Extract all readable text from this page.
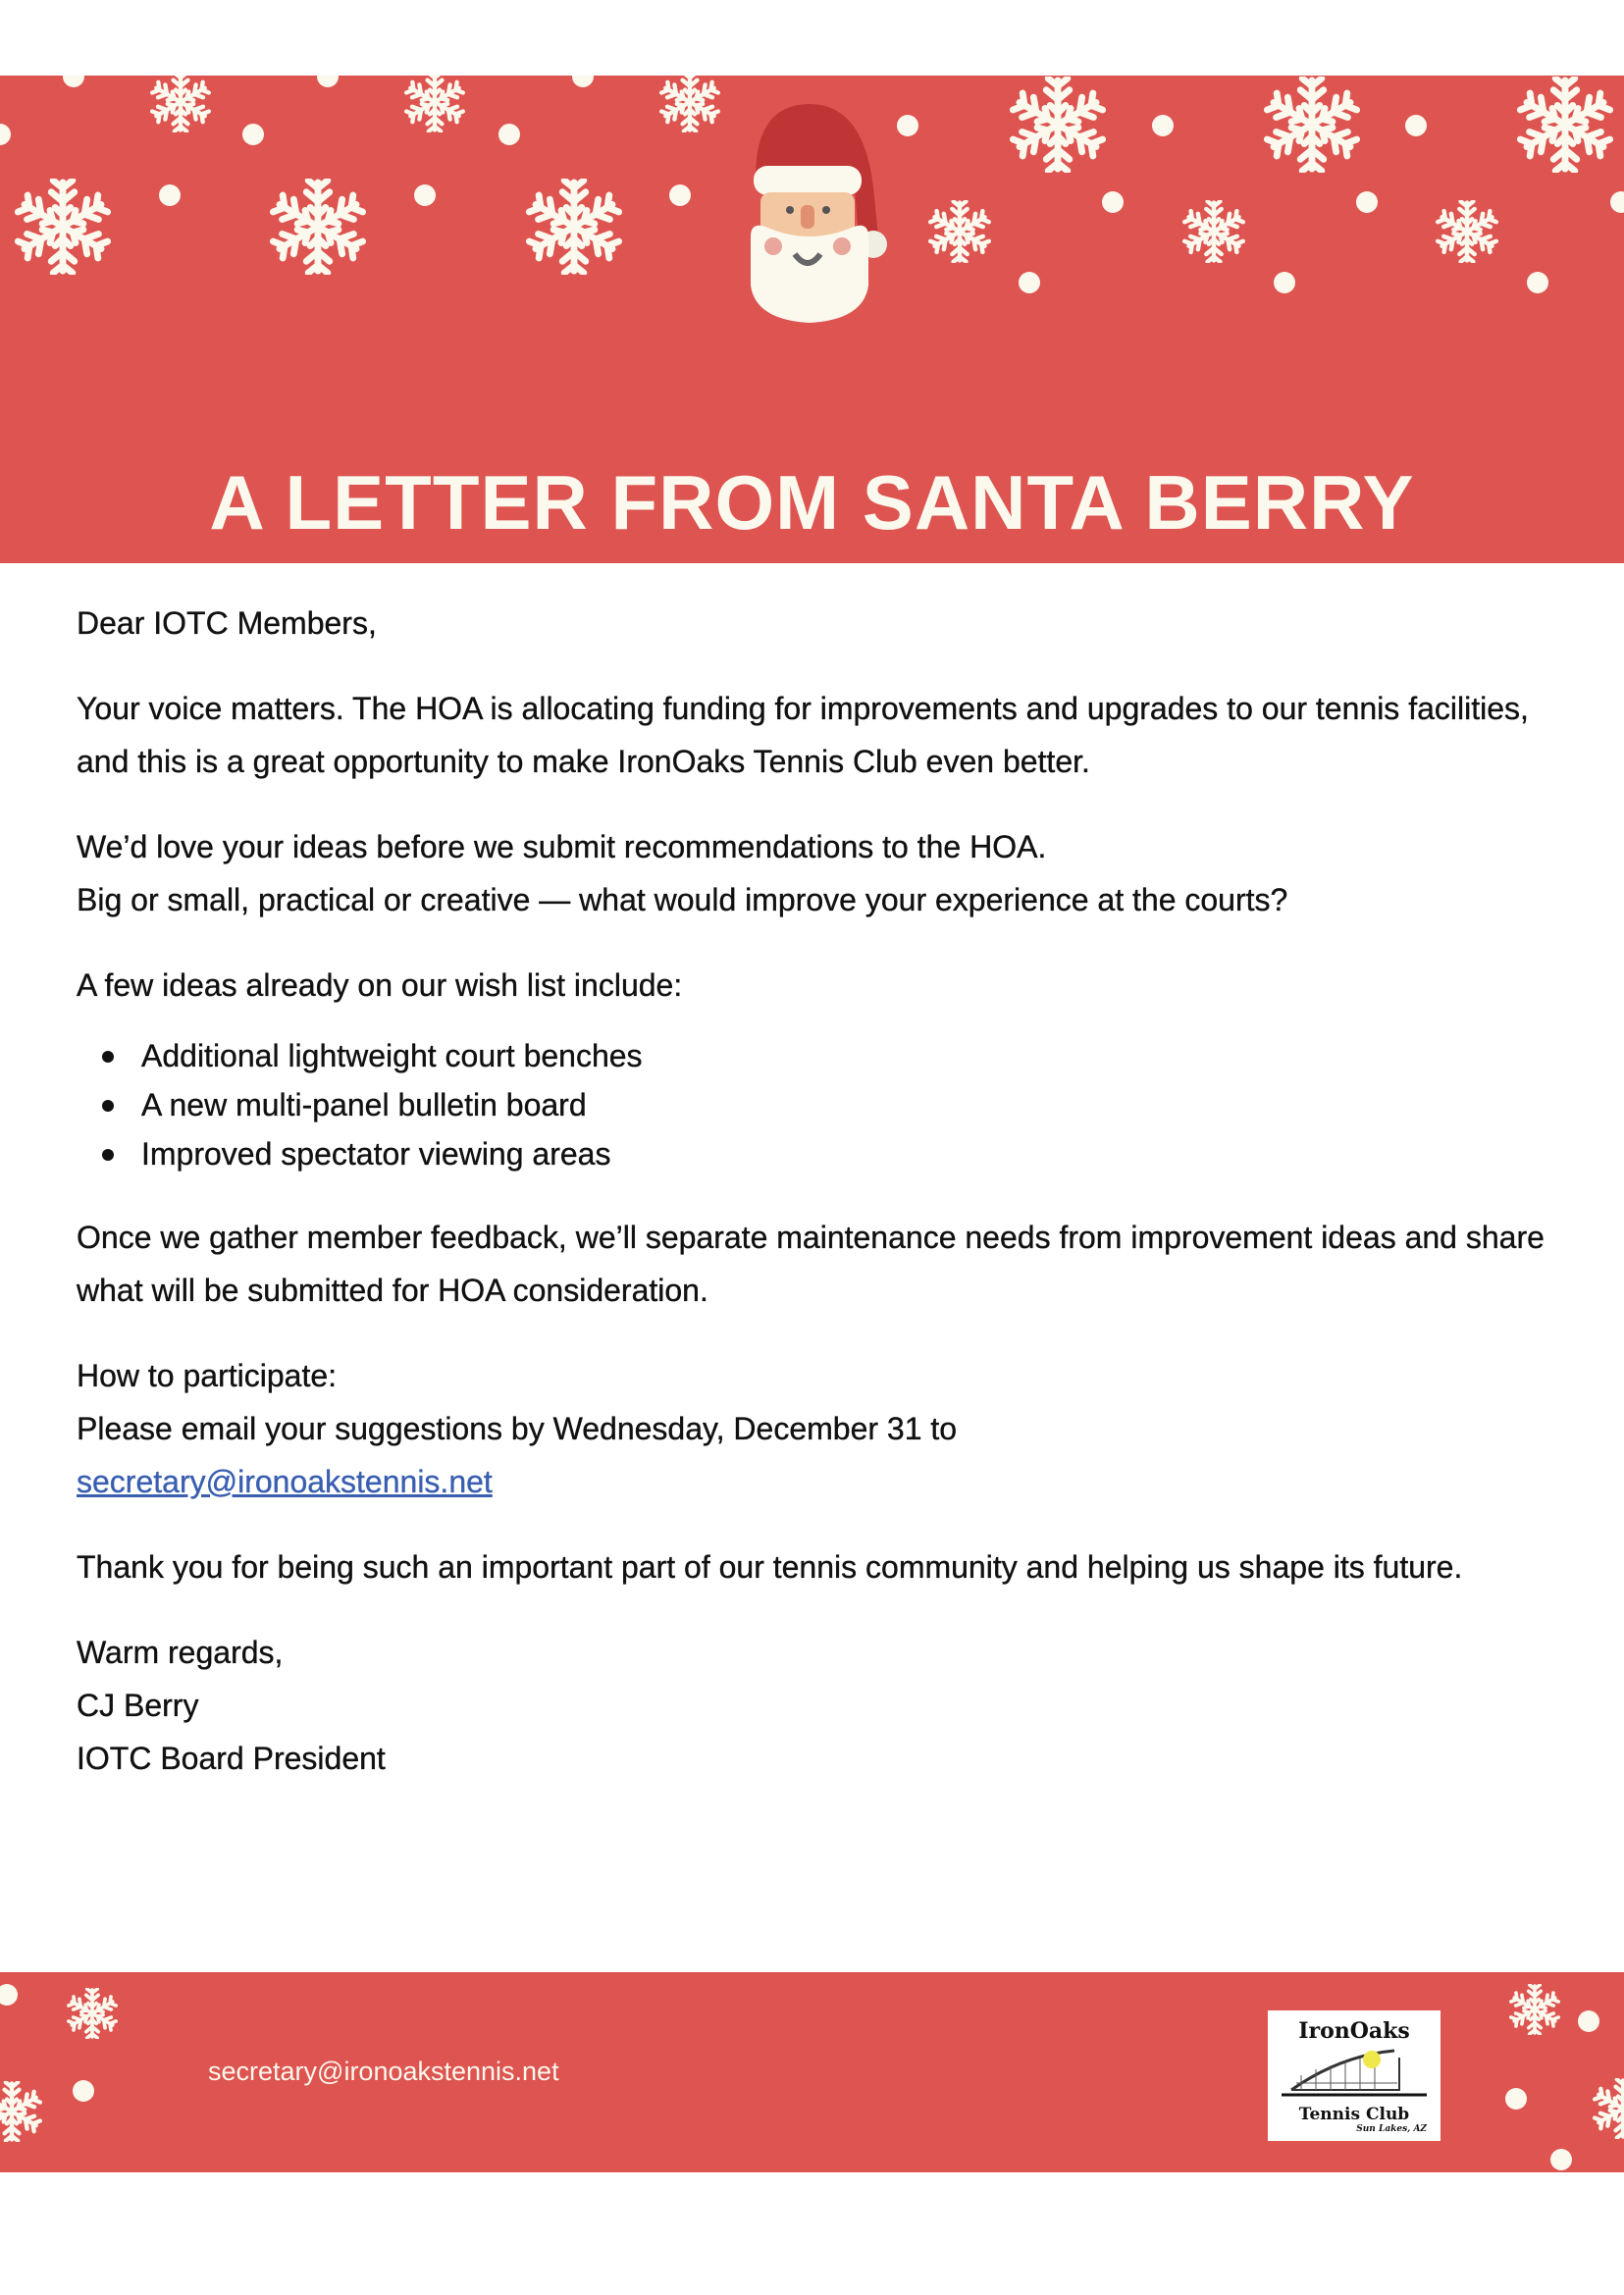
A LETTER FROM SANTA BERRY

Dear IOTC Members,

Your voice matters. The HOA is allocating funding for improvements and upgrades to our tennis facilities, and this is a great opportunity to make IronOaks Tennis Club even better.

We’d love your ideas before we submit recommendations to the HOA.
Big or small, practical or creative — what would improve your experience at the courts?

A few ideas already on our wish list include:

Additional lightweight court benches
A new multi-panel bulletin board
Improved spectator viewing areas

Once we gather member feedback, we’ll separate maintenance needs from improvement ideas and share what will be submitted for HOA consideration.

How to participate:
Please email your suggestions by Wednesday, December 31 to
secretary@ironoakstennis.net

Thank you for being such an important part of our tennis community and helping us shape its future.

Warm regards,
CJ Berry
IOTC Board President

secretary@ironoakstennis.net
IronOaks
Tennis Club
Sun Lakes, AZ
